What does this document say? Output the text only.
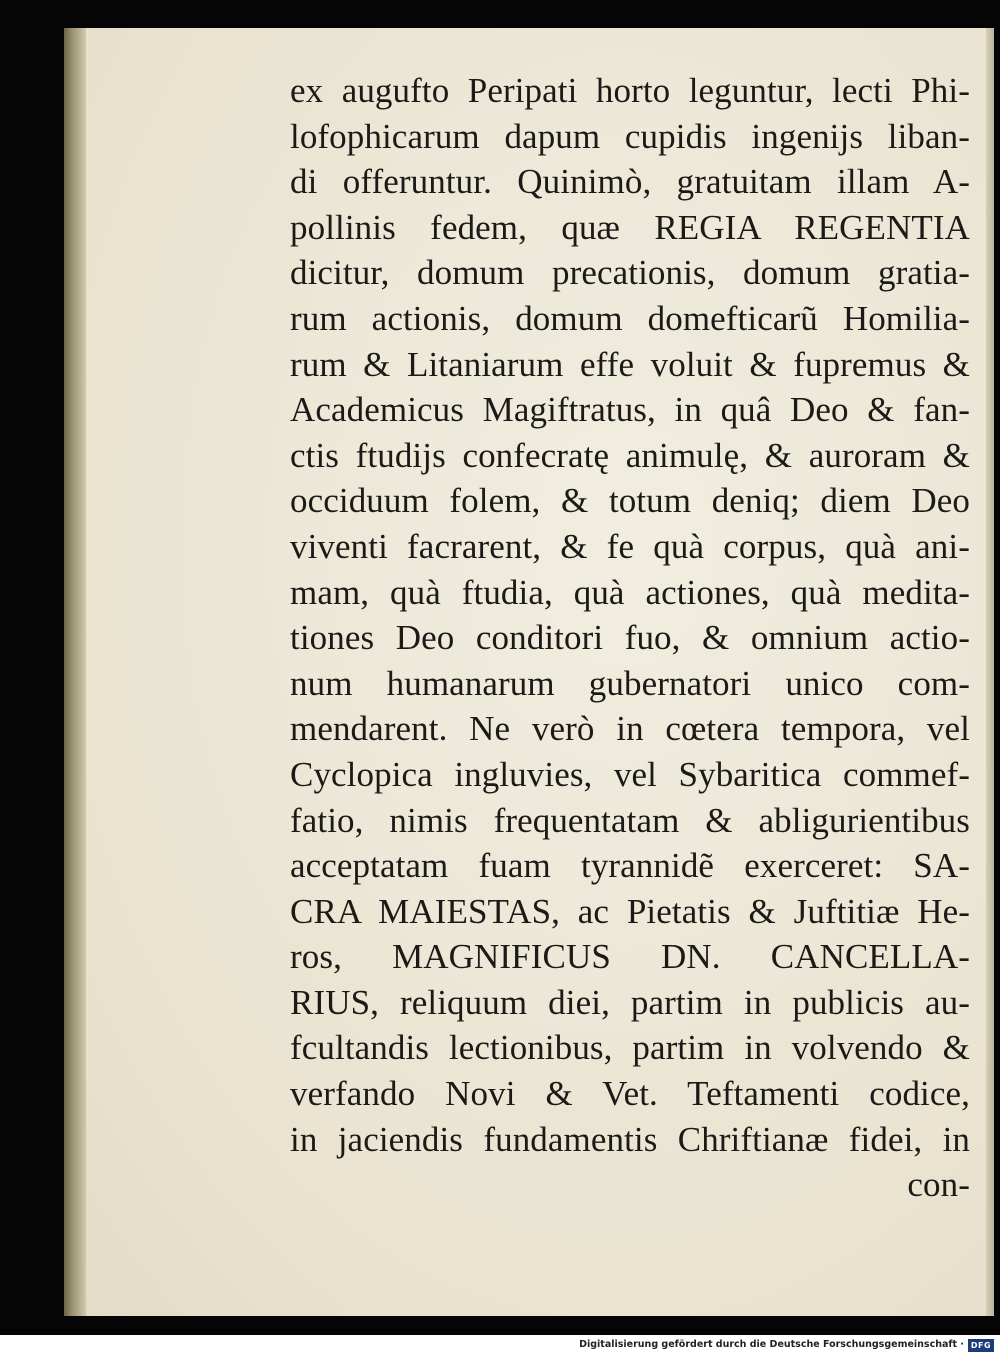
ex augufto Peripati horto leguntur, lecti Phi-
lofophicarum dapum cupidis ingeniјs liban-
di offeruntur. Quinimò, gratuitam illam A-
pollinis fedem, quæ REGIA REGENTIA
dicitur, domum precationis, domum gratia-
rum actionis, domum domefticarũ Homilia-
rum & Litaniarum effe voluit & fupremus &
Academicus Magiftratus, in quâ Deo & fan-
ctis ftudijs confecratę animulę, & auroram &
occiduum folem, & totum deniq; diem Deo
viventi facrarent, & fe quà corpus, quà ani-
mam, quà ftudia, quà actiones, quà medita-
tiones Deo conditori fuo, & omnium actio-
num humanarum gubernatori unico com-
mendarent. Ne verò in cœtera tempora, vel
Cyclopica ingluvies, vel Sybaritica commef-
fatio, nimis frequentatam & abligurientibus
acceptatam fuam tyrannidẽ exerceret: SA-
CRA MAIESTAS, ac Pietatis & Juftitiæ He-
ros, MAGNIFICUS DN. CANCELLA-
RIUS, reliquum diei, partim in publicis au-
fcultandis lectionibus, partim in volvendo &
verfando Novi & Vet. Teftamenti codice,
in jaciendis fundamentis Chriftianæ fidei, in
con-
Digitalisierung gefördert durch die Deutsche Forschungsgemeinschaft · DFG
